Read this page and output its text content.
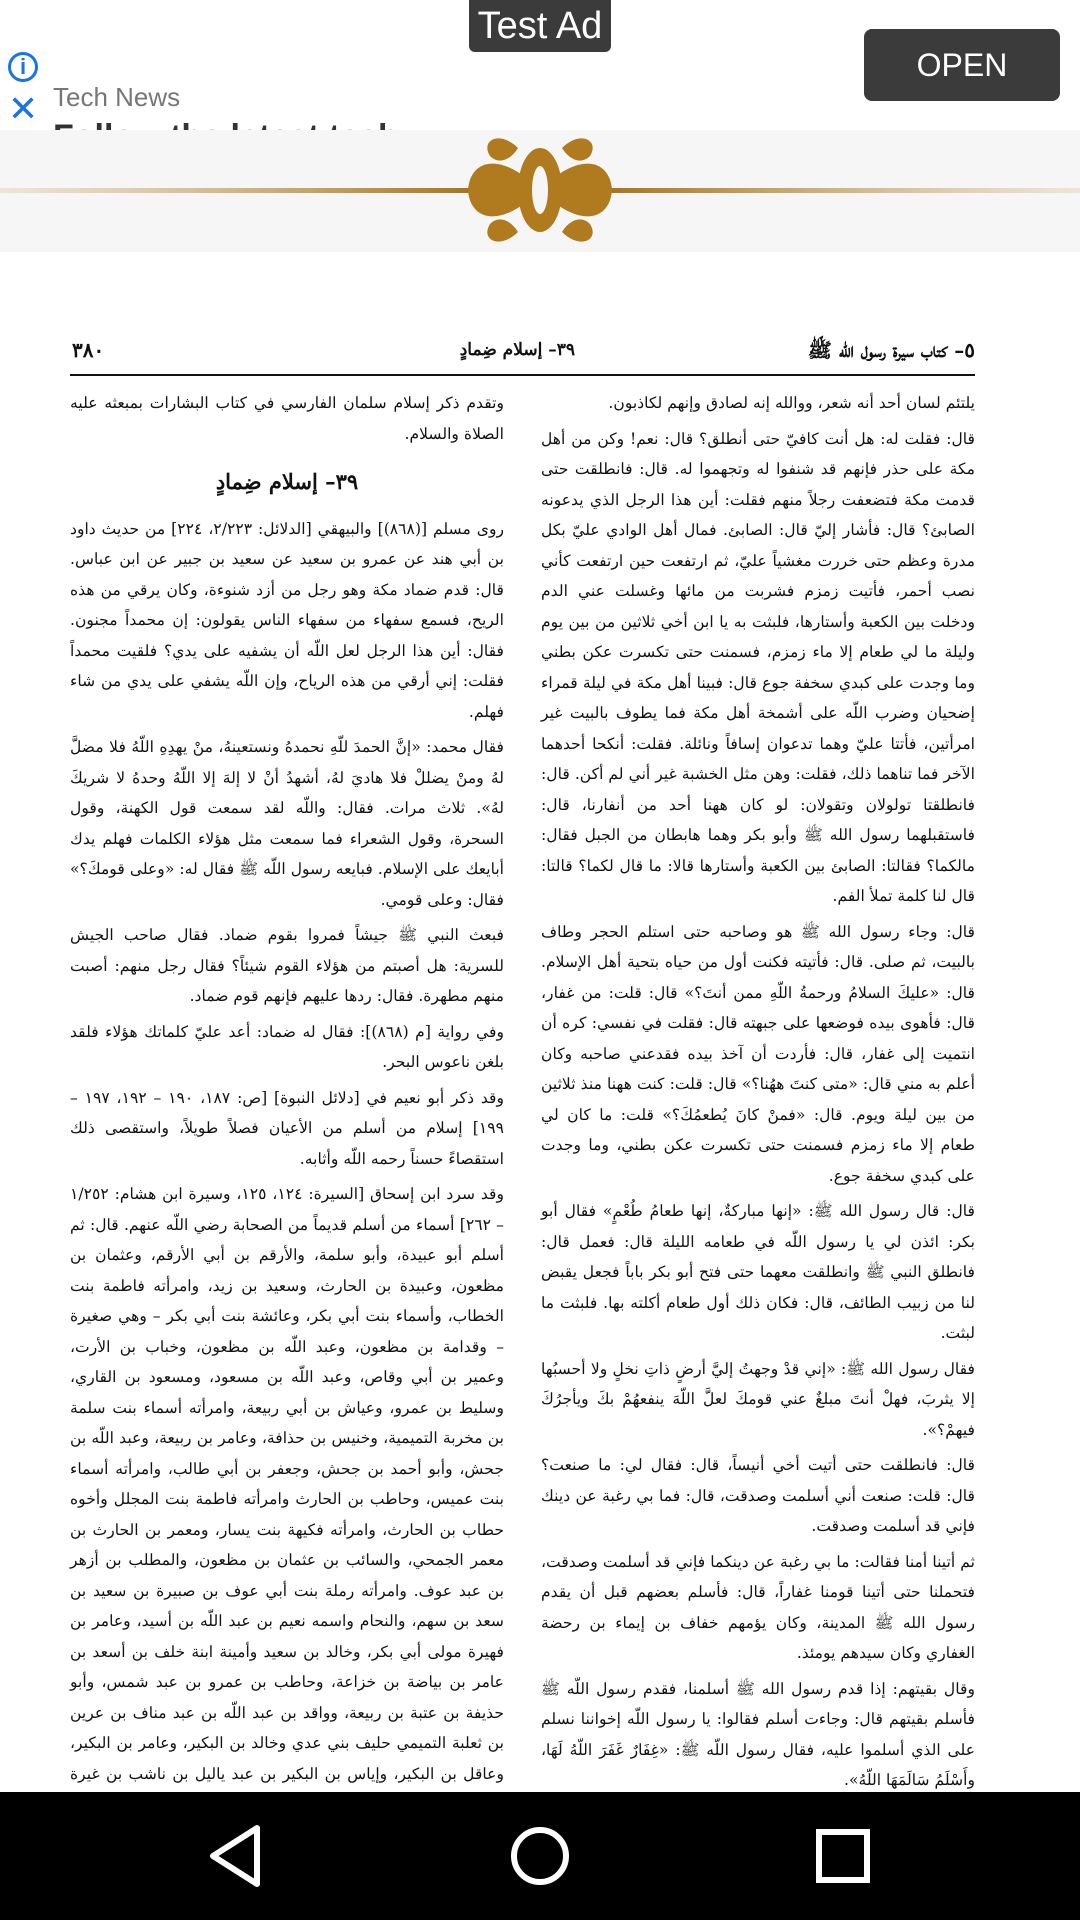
Test Ad
i
✕ Tech News
OPEN
٥– كتاب سيرة رسول الله ﷺ
٣٩– إسلام ضِمادٍ
٣٨٠

يلتئم لسان أحد أنه شعر، ووالله إنه لصادق وإنهم لكاذبون.

قال: فقلت له: هل أنت كافيّ حتى أنطلق؟ قال: نعم! وكن من أهل مكة على حذر فإنهم قد شنفوا له وتجهموا له. قال: فانطلقت حتى قدمت مكة فتضعفت رجلاً منهم فقلت: أين هذا الرجل الذي يدعونه الصابئ؟ قال: فأشار إليّ قال: الصابئ. فمال أهل الوادي عليّ بكل مدرة وعظم حتى خررت مغشياً عليّ، ثم ارتفعت حين ارتفعت كأني نصب أحمر، فأتيت زمزم فشربت من مائها وغسلت عني الدم ودخلت بين الكعبة وأستارها، فلبثت به يا ابن أخي ثلاثين من بين يوم وليلة ما لي طعام إلا ماء زمزم، فسمنت حتى تكسرت عكن بطني وما وجدت على كبدي سخفة جوع قال: فبينا أهل مكة في ليلة قمراء إضحيان وضرب اللّه على أشمخة أهل مكة فما يطوف بالبيت غير امرأتين، فأتتا عليّ وهما تدعوان إسافاً ونائلة. فقلت: أنكحا أحدهما الآخر فما تناهما ذلك، فقلت: وهن مثل الخشبة غير أني لم أكن. قال: فانطلقتا تولولان وتقولان: لو كان ههنا أحد من أنفارنا، قال: فاستقبلهما رسول الله ﷺ وأبو بكر وهما هابطان من الجبل فقال: مالكما؟ فقالتا: الصابئ بين الكعبة وأستارها قالا: ما قال لكما؟ قالتا: قال لنا كلمة تملأ الفم.

قال: وجاء رسول الله ﷺ هو وصاحبه حتى استلم الحجر وطاف بالبيت، ثم صلى. قال: فأتيته فكنت أول من حياه بتحية أهل الإسلام. قال: «عليكَ السلامُ ورحمةُ اللّهِ ممن أنتَ؟» قال: قلت: من غفار، قال: فأهوى بيده فوضعها على جبهته قال: فقلت في نفسي: كره أن انتميت إلى غفار، قال: فأردت أن آخذ بيده فقدعني صاحبه وكان أعلم به مني قال: «متى كنتَ ههُنا؟» قال: قلت: كنت ههنا منذ ثلاثين من بين ليلة ويوم. قال: «فمنْ كانَ يُطعمُكَ؟» قلت: ما كان لي طعام إلا ماء زمزم فسمنت حتى تكسرت عكن بطني، وما وجدت على كبدي سخفة جوع.

قال: قال رسول الله ﷺ: «إنها مباركةٌ، إنها طعامُ طُعْمٍ» فقال أبو بكر: ائذن لي يا رسول اللّه في طعامه الليلة قال: فعمل قال: فانطلق النبي ﷺ وانطلقت معهما حتى فتح أبو بكر باباً فجعل يقبض لنا من زبيب الطائف، قال: فكان ذلك أول طعام أكلته بها. فلبثت ما لبثت.

فقال رسول الله ﷺ: «إني قدْ وجهتُ إليَّ أرضٍ ذاتِ نخلٍ ولا أحسبُها إلا يثربَ، فهلْ أنتَ مبلغٌ عني قومكَ لعلَّ اللّهَ ينفعهُمْ بكَ ويأجرُكَ فيهمْ؟».

قال: فانطلقت حتى أتيت أخي أنيساً، قال: فقال لي: ما صنعت؟ قال: قلت: صنعت أني أسلمت وصدقت، قال: فما بي رغبة عن دينك فإني قد أسلمت وصدقت.

ثم أتينا أمنا فقالت: ما بي رغبة عن دينكما فإني قد أسلمت وصدقت، فتحملنا حتى أتينا قومنا غفاراً، قال: فأسلم بعضهم قبل أن يقدم رسول الله ﷺ المدينة، وكان يؤمهم خفاف بن إيماء بن رحضة الغفاري وكان سيدهم يومئذ.

وقال بقيتهم: إذا قدم رسول الله ﷺ أسلمنا، فقدم رسول اللّه ﷺ فأسلم بقيتهم قال: وجاءت أسلم فقالوا: يا رسول اللّه إخواننا نسلم على الذي أسلموا عليه، فقال رسول اللّه ﷺ: «غِفَارٌ غَفَرَ اللّهُ لَهَا، وأَسْلَمُ سَالَمَهَا اللّهُ».

وتقدم ذكر إسلام سلمان الفارسي في كتاب البشارات بمبعثه عليه الصلاة والسلام.

٣٩– إسلام ضِمادٍ

روى مسلم [(٨٦٨)] والبيهقي [الدلائل: ٢/٢٢٣، ٢٢٤] من حديث داود بن أبي هند عن عمرو بن سعيد عن سعيد بن جبير عن ابن عباس. قال: قدم ضماد مكة وهو رجل من أزد شنوءة، وكان يرقي من هذه الريح، فسمع سفهاء من سفهاء الناس يقولون: إن محمداً مجنون. فقال: أين هذا الرجل لعل اللّه أن يشفيه على يدي؟ فلقيت محمداً فقلت: إني أرقي من هذه الرياح، وإن اللّه يشفي على يدي من شاء فهلم.

فقال محمد: «إنَّ الحمدَ للّهِ نحمدهُ ونستعينهُ، منْ يهدِهِ اللّهُ فلا مضلَّ لهُ ومنْ يضللْ فلا هاديَ لهُ، أشهدُ أنْ لا إلهَ إلا اللّهُ وحدهُ لا شريكَ لهُ». ثلاث مرات. فقال: واللّه لقد سمعت قول الكهنة، وقول السحرة، وقول الشعراء فما سمعت مثل هؤلاء الكلمات فهلم يدك أبايعك على الإسلام. فبايعه رسول اللّه ﷺ فقال له: «وعلى قومكَ؟» فقال: وعلى قومي.

فبعث النبي ﷺ جيشاً فمروا بقوم ضماد. فقال صاحب الجيش للسرية: هل أصبتم من هؤلاء القوم شيئاً؟ فقال رجل منهم: أصبت منهم مطهرة. فقال: ردها عليهم فإنهم قوم ضماد.

وفي رواية [م (٨٦٨)]: فقال له ضماد: أعد عليّ كلماتك هؤلاء فلقد بلغن ناعوس البحر.

وقد ذكر أبو نعيم في [دلائل النبوة] [ص: ١٨٧، ١٩٠ – ١٩٢، ١٩٧ – ١٩٩] إسلام من أسلم من الأعيان فصلاً طويلاً، واستقصى ذلك استقصاءً حسناً رحمه اللّه وأثابه.

وقد سرد ابن إسحاق [السيرة: ١٢٤، ١٢٥، وسيرة ابن هشام: ١/٢٥٢ – ٢٦٢] أسماء من أسلم قديماً من الصحابة رضي اللّه عنهم. قال: ثم أسلم أبو عبيدة، وأبو سلمة، والأرقم بن أبي الأرقم، وعثمان بن مظعون، وعبيدة بن الحارث، وسعيد بن زيد، وامرأته فاطمة بنت الخطاب، وأسماء بنت أبي بكر، وعائشة بنت أبي بكر – وهي صغيرة – وقدامة بن مظعون، وعبد اللّه بن مظعون، وخباب بن الأرت، وعمير بن أبي وقاص، وعبد اللّه بن مسعود، ومسعود بن القاري، وسليط بن عمرو، وعياش بن أبي ربيعة، وامرأته أسماء بنت سلمة بن مخربة التميمية، وخنيس بن حذافة، وعامر بن ربيعة، وعبد اللّه بن جحش، وأبو أحمد بن جحش، وجعفر بن أبي طالب، وامرأته أسماء بنت عميس، وحاطب بن الحارث وامرأته فاطمة بنت المجلل وأخوه حطاب بن الحارث، وامرأته فكيهة بنت يسار، ومعمر بن الحارث بن معمر الجمحي، والسائب بن عثمان بن مظعون، والمطلب بن أزهر بن عبد عوف. وامرأته رملة بنت أبي عوف بن صبيرة بن سعيد بن سعد بن سهم، والنحام واسمه نعيم بن عبد اللّه بن أسيد، وعامر بن فهيرة مولى أبي بكر، وخالد بن سعيد وأمينة ابنة خلف بن أسعد بن عامر بن بياضة بن خزاعة، وحاطب بن عمرو بن عبد شمس، وأبو حذيفة بن عتبة بن ربيعة، وواقد بن عبد اللّه بن عبد مناف بن عرين بن ثعلبة التميمي حليف بني عدي وخالد بن البكير، وعامر بن البكير، وعاقل بن البكير، وإياس بن البكير بن عبد ياليل بن ناشب بن غيرة
